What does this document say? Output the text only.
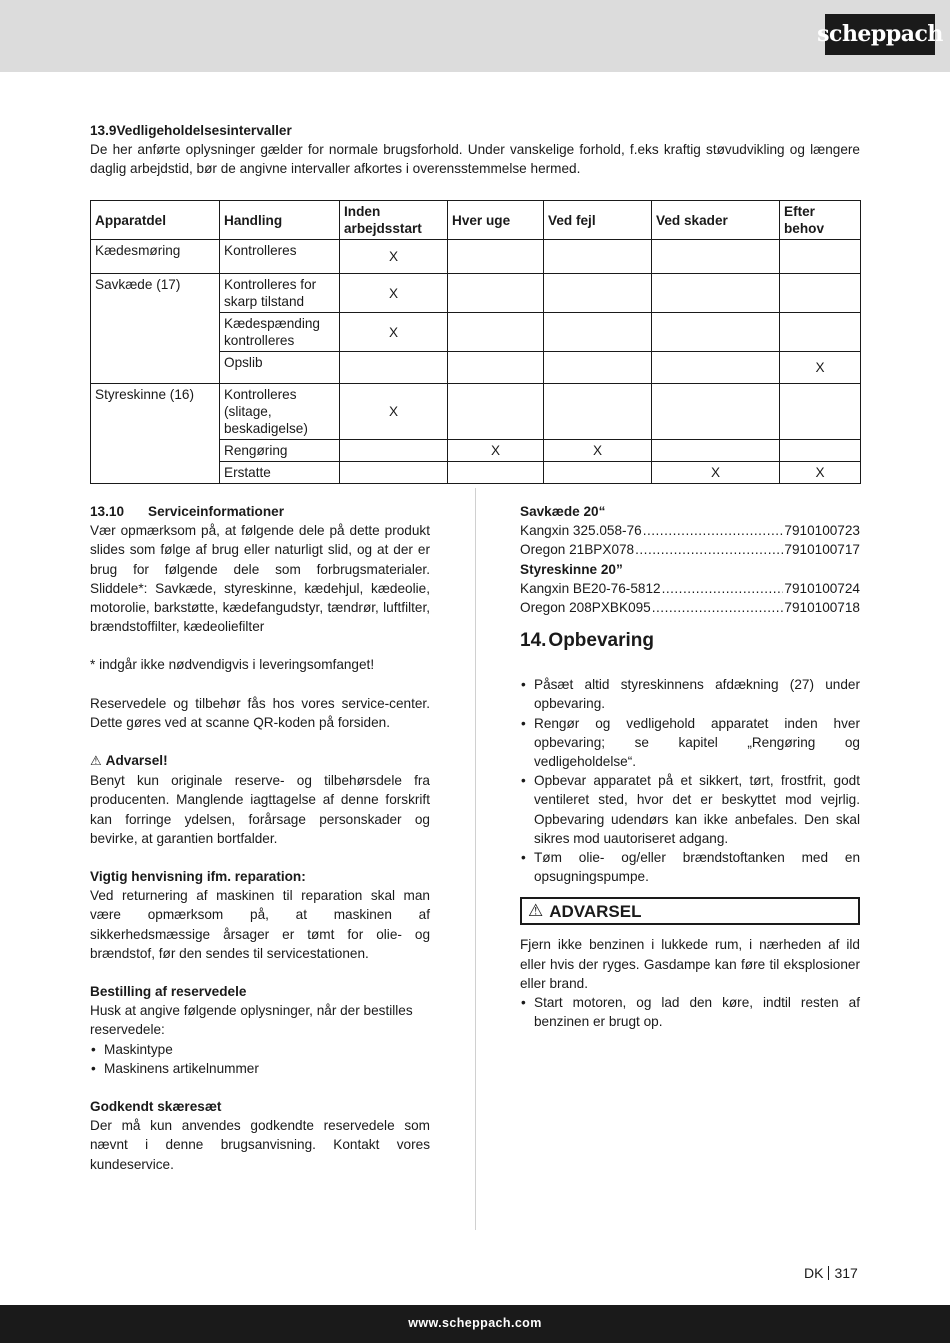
scheppach

13.9Vedligeholdelsesintervaller

De her anførte oplysninger gælder for normale brugsforhold. Under vanskelige forhold, f.eks kraftig støvudvikling og længere daglig arbejdstid, bør de angivne intervaller afkortes i overensstemmelse hermed.

Apparatdel	Handling	Inden arbejdsstart	Hver uge	Ved fejl	Ved skader	Efter behov
Kædesmøring	Kontrolleres	X				
Savkæde (17)	Kontrolleres for skarp tilstand	X				
	Kædespænding kontrolleres	X				
	Opslib					X
Styreskinne (16)	Kontrolleres (slitage, beskadigelse)	X				
	Rengøring		X	X		
	Erstatte				X	X

13.10 Serviceinformationer

Vær opmærksom på, at følgende dele på dette produkt slides som følge af brug eller naturligt slid, og at der er brug for følgende dele som forbrugsmaterialer. Sliddele*: Savkæde, styreskinne, kædehjul, kædeolie, motorolie, barkstøtte, kædefangudstyr, tændrør, luftfilter, brændstoffilter, kædeoliefilter

* indgår ikke nødvendigvis i leveringsomfanget!

Reservedele og tilbehør fås hos vores service-center. Dette gøres ved at scanne QR-koden på forsiden.

⚠ Advarsel!

Benyt kun originale reserve- og tilbehørsdele fra producenten. Manglende iagttagelse af denne forskrift kan forringe ydelsen, forårsage personskader og bevirke, at garantien bortfalder.

Vigtig henvisning ifm. reparation:

Ved returnering af maskinen til reparation skal man være opmærksom på, at maskinen af sikkerhedsmæssige årsager er tømt for olie- og brændstof, før den sendes til servicestationen.

Bestilling af reservedele

Husk at angive følgende oplysninger, når der bestilles reservedele:

• Maskintype
• Maskinens artikelnummer

Godkendt skæresæt

Der må kun anvendes godkendte reservedele som nævnt i denne brugsanvisning. Kontakt vores kundeservice.

Savkæde 20“

Kangxin 325.058-76 .....	7910100723
Oregon 21BPX078 .....	7910100717

Styreskinne 20”

Kangxin BE20-76-5812 .....	7910100724
Oregon 208PXBK095 .....	7910100718
14. Opbevaring
• Påsæt altid styreskinnens afdækning (27) under opbevaring.
• Rengør og vedligehold apparatet inden hver opbevaring; se kapitel „Rengøring og vedligeholdelse“.
• Opbevar apparatet på et sikkert, tørt, frostfrit, godt ventileret sted, hvor det er beskyttet mod vejrlig. Opbevaring udendørs kan ikke anbefales. Den skal sikres mod uautoriseret adgang.
• Tøm olie- og/eller brændstoftanken med en opsugningspumpe.
⚠ ADVARSEL

Fjern ikke benzinen i lukkede rum, i nærheden af ild eller hvis der ryges. Gasdampe kan føre til eksplosioner eller brand.

• Start motoren, og lad den køre, indtil resten af benzinen er brugt op.
DK 317
www.scheppach.com
